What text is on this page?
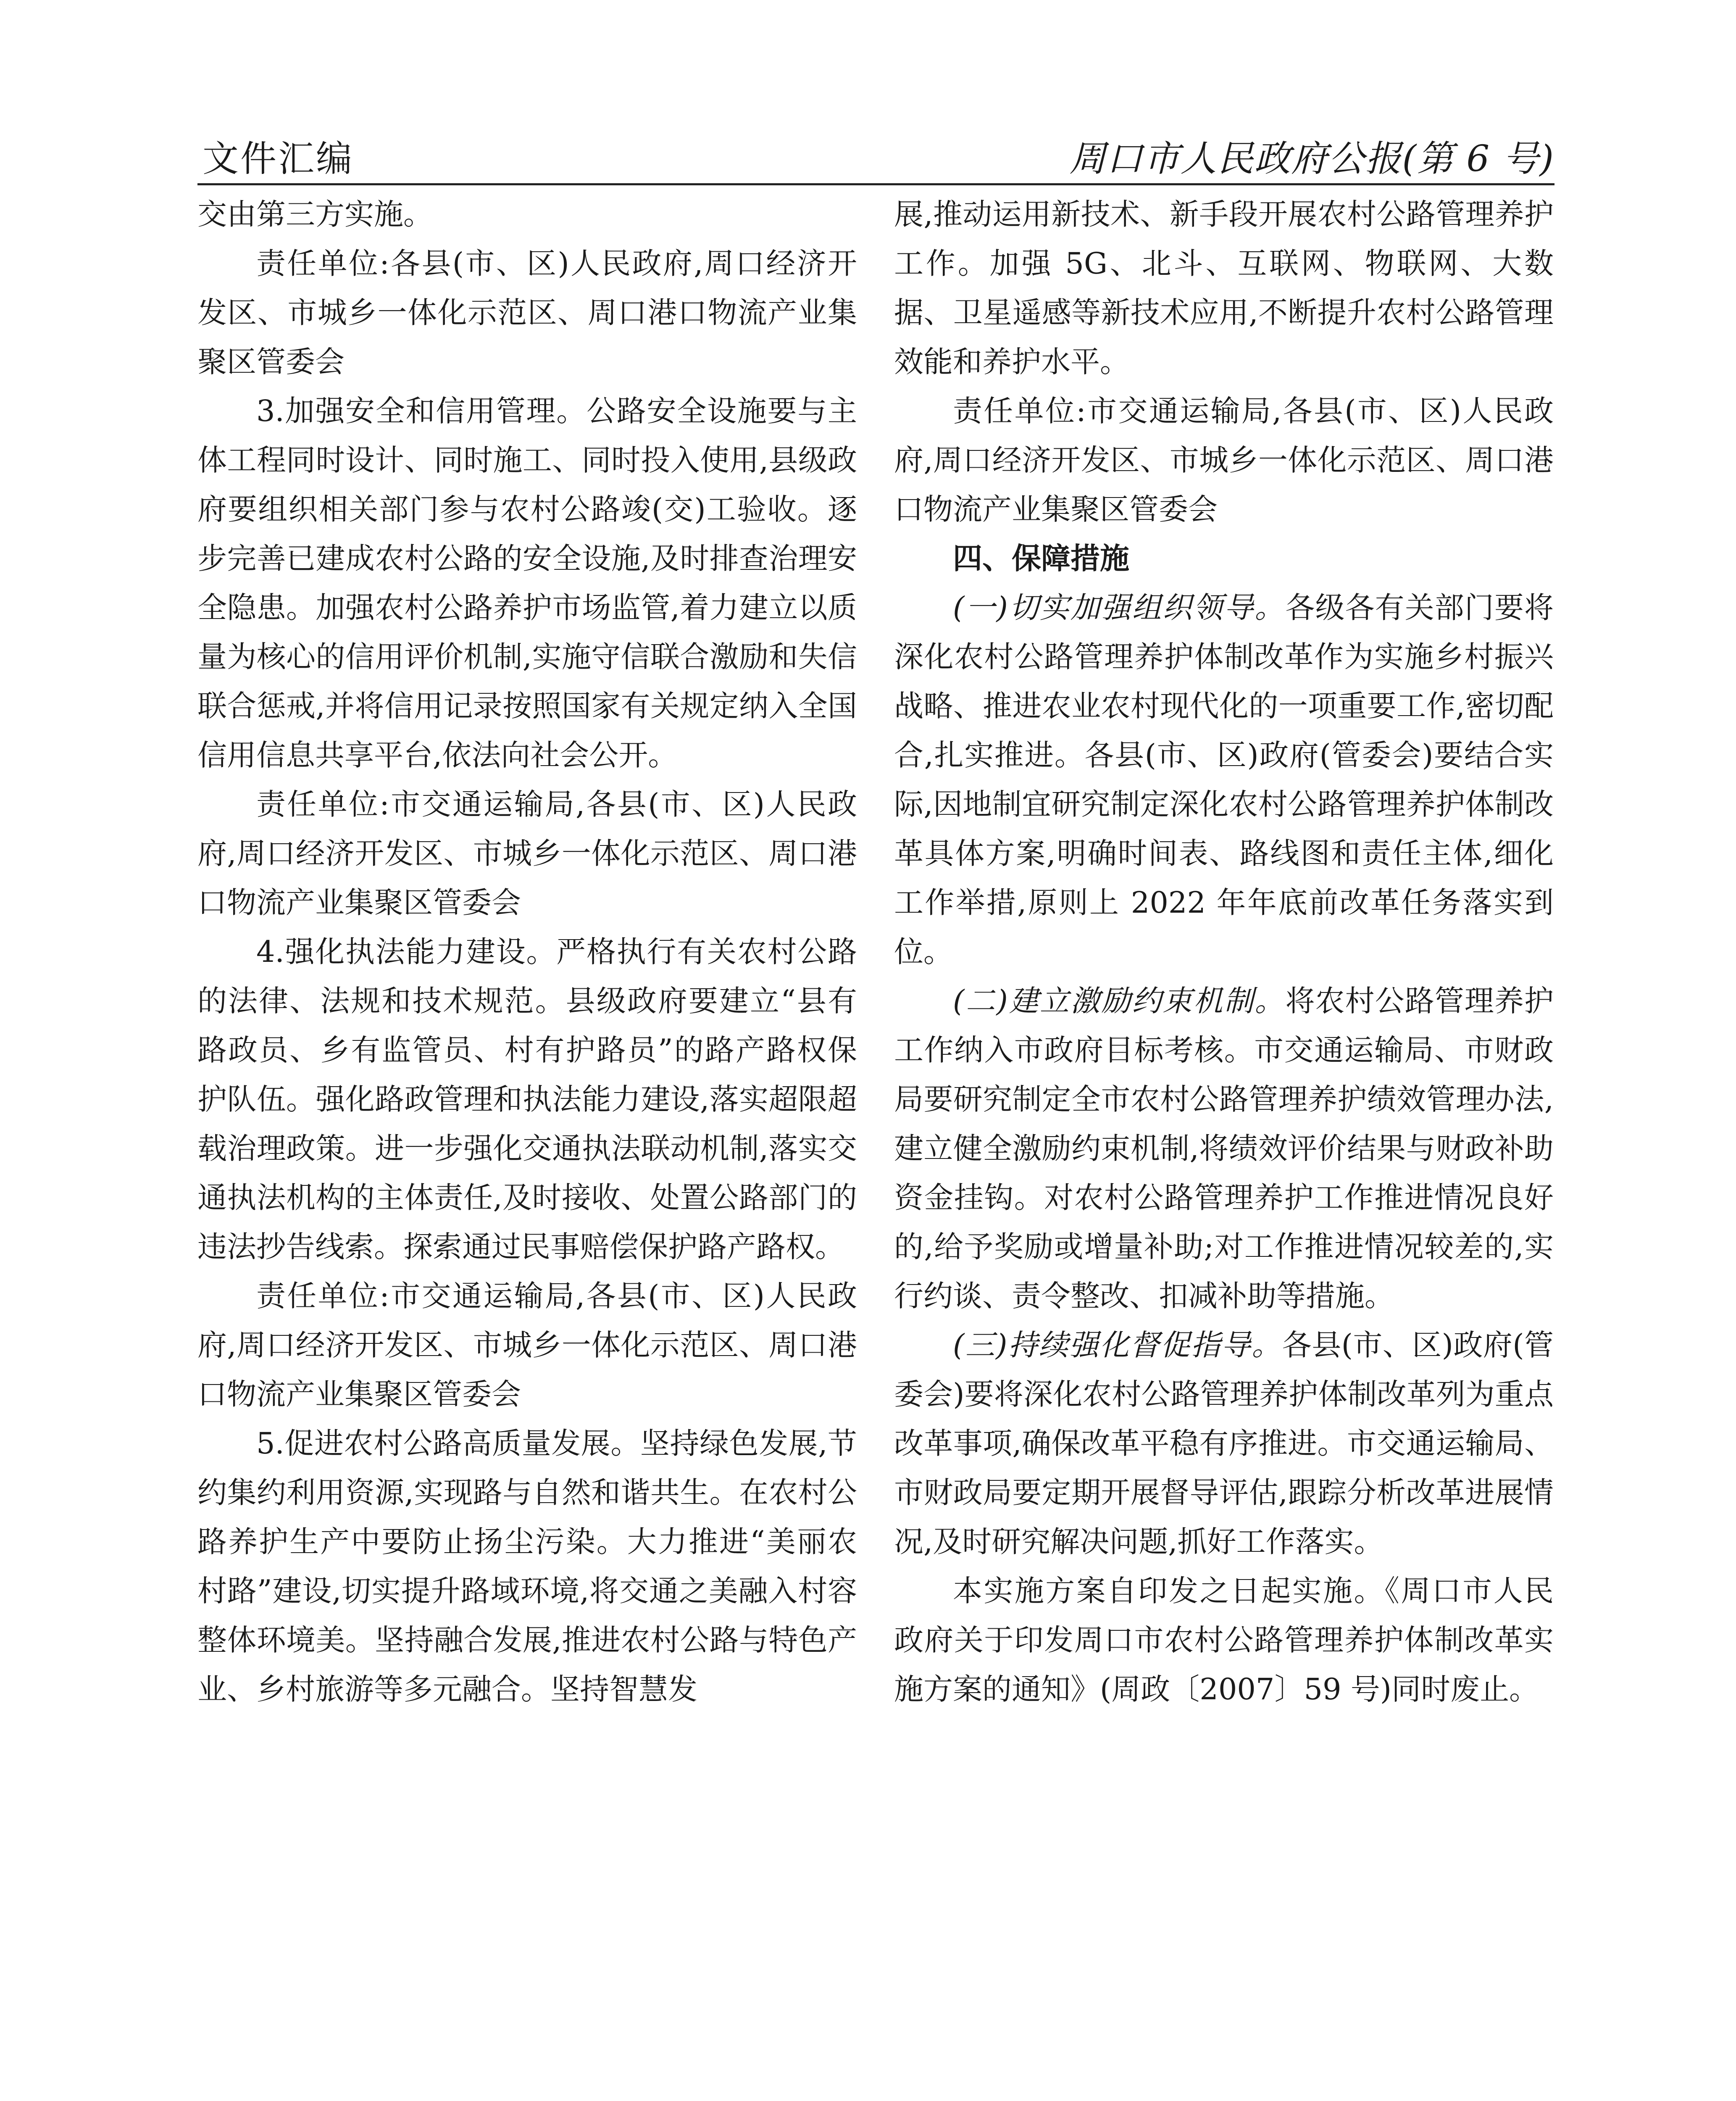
文件汇编	周口市人民政府公报(第 6 号)

交由第三方实施。

责任单位:各县(市、区)人民政府,周口经济开发区、市城乡一体化示范区、周口港口物流产业集聚区管委会

3.加强安全和信用管理。公路安全设施要与主体工程同时设计、同时施工、同时投入使用,县级政府要组织相关部门参与农村公路竣(交)工验收。逐步完善已建成农村公路的安全设施,及时排查治理安全隐患。加强农村公路养护市场监管,着力建立以质量为核心的信用评价机制,实施守信联合激励和失信联合惩戒,并将信用记录按照国家有关规定纳入全国信用信息共享平台,依法向社会公开。

责任单位:市交通运输局,各县(市、区)人民政府,周口经济开发区、市城乡一体化示范区、周口港口物流产业集聚区管委会

4.强化执法能力建设。严格执行有关农村公路的法律、法规和技术规范。县级政府要建立“县有路政员、乡有监管员、村有护路员”的路产路权保护队伍。强化路政管理和执法能力建设,落实超限超载治理政策。进一步强化交通执法联动机制,落实交通执法机构的主体责任,及时接收、处置公路部门的违法抄告线索。探索通过民事赔偿保护路产路权。

责任单位:市交通运输局,各县(市、区)人民政府,周口经济开发区、市城乡一体化示范区、周口港口物流产业集聚区管委会

5.促进农村公路高质量发展。坚持绿色发展,节约集约利用资源,实现路与自然和谐共生。在农村公路养护生产中要防止扬尘污染。大力推进“美丽农村路”建设,切实提升路域环境,将交通之美融入村容整体环境美。坚持融合发展,推进农村公路与特色产业、乡村旅游等多元融合。坚持智慧发

展,推动运用新技术、新手段开展农村公路管理养护工作。加强 5G、北斗、互联网、物联网、大数据、卫星遥感等新技术应用,不断提升农村公路管理效能和养护水平。

责任单位:市交通运输局,各县(市、区)人民政府,周口经济开发区、市城乡一体化示范区、周口港口物流产业集聚区管委会

四、保障措施

(一)切实加强组织领导。各级各有关部门要将深化农村公路管理养护体制改革作为实施乡村振兴战略、推进农业农村现代化的一项重要工作,密切配合,扎实推进。各县(市、区)政府(管委会)要结合实际,因地制宜研究制定深化农村公路管理养护体制改革具体方案,明确时间表、路线图和责任主体,细化工作举措,原则上 2022 年年底前改革任务落实到位。

(二)建立激励约束机制。将农村公路管理养护工作纳入市政府目标考核。市交通运输局、市财政局要研究制定全市农村公路管理养护绩效管理办法,建立健全激励约束机制,将绩效评价结果与财政补助资金挂钩。对农村公路管理养护工作推进情况良好的,给予奖励或增量补助;对工作推进情况较差的,实行约谈、责令整改、扣减补助等措施。

(三)持续强化督促指导。各县(市、区)政府(管委会)要将深化农村公路管理养护体制改革列为重点改革事项,确保改革平稳有序推进。市交通运输局、市财政局要定期开展督导评估,跟踪分析改革进展情况,及时研究解决问题,抓好工作落实。

本实施方案自印发之日起实施。《周口市人民政府关于印发周口市农村公路管理养护体制改革实施方案的通知》(周政〔2007〕59 号)同时废止。
